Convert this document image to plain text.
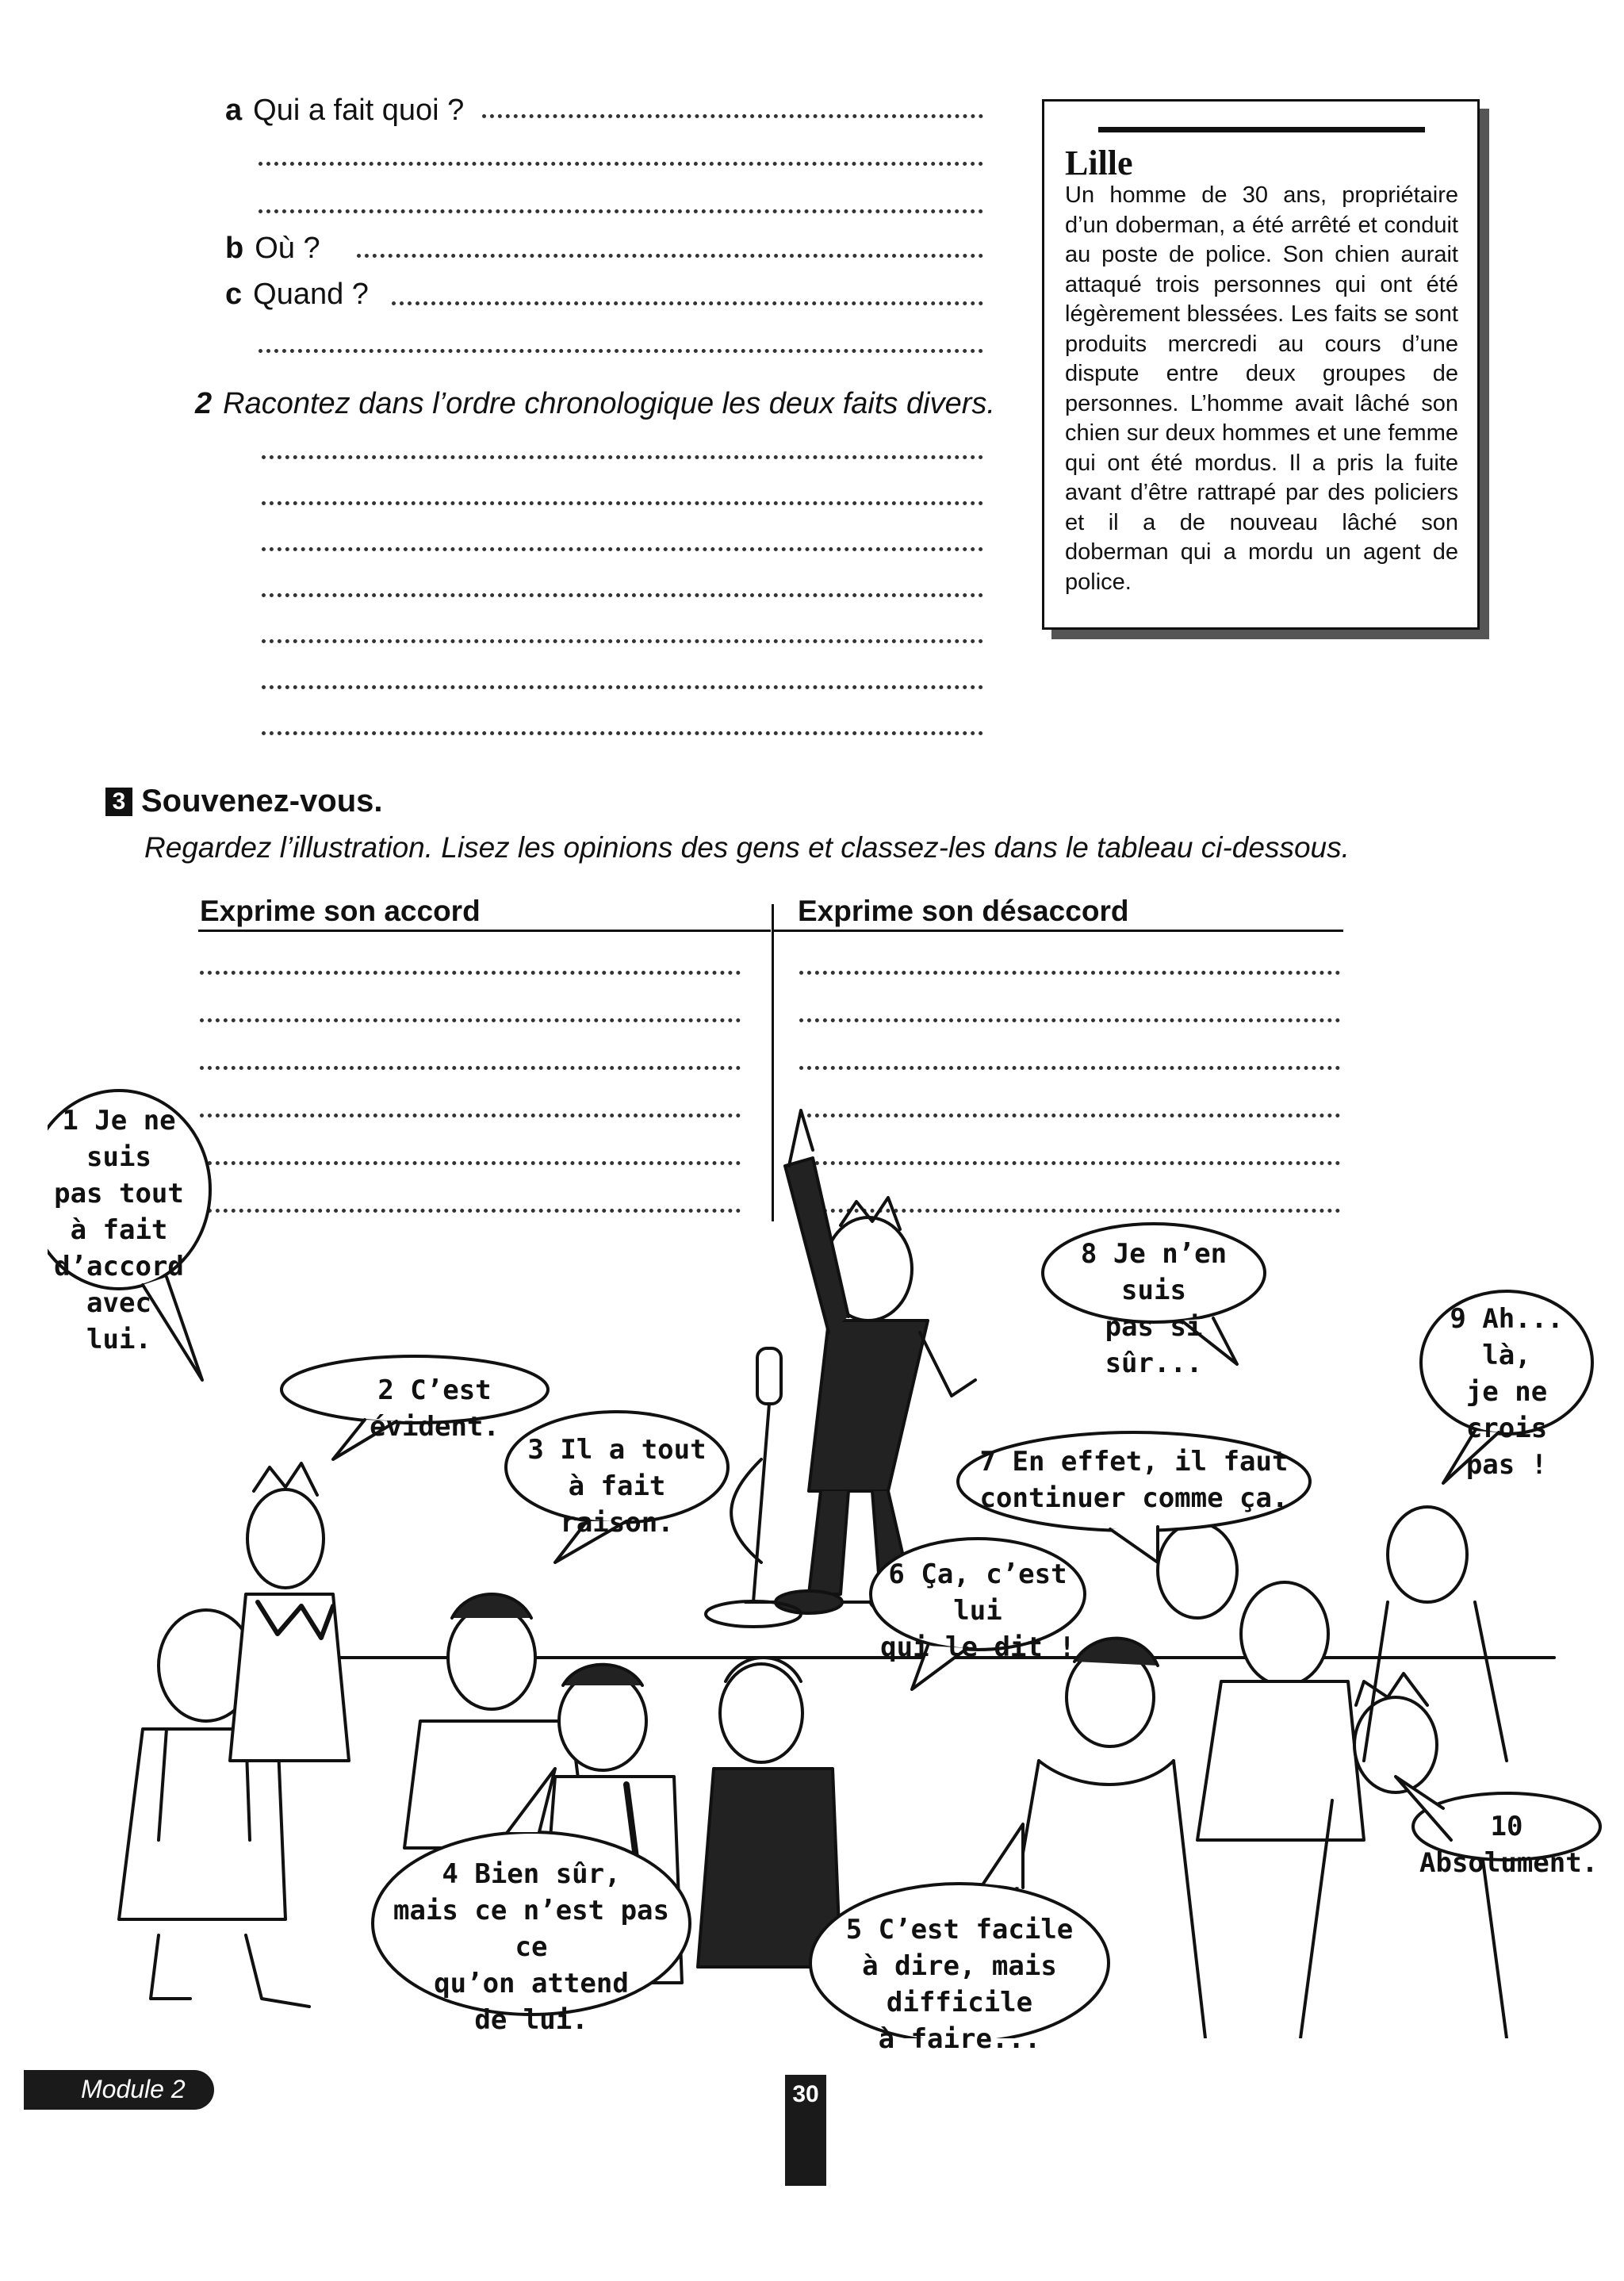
a Qui a fait quoi ?
b Où ?
c Quand ?
2 Racontez dans l’ordre chronologique les deux faits divers.
Lille
Un homme de 30 ans, propriétaire d’un doberman, a été arrêté et conduit au poste de police. Son chien aurait attaqué trois personnes qui ont été légèrement blessées. Les faits se sont produits mercredi au cours d’une dispute entre deux groupes de personnes. L’homme avait lâché son chien sur deux hommes et une femme qui ont été mordus. Il a pris la fuite avant d’être rattrapé par des policiers et il a de nouveau lâché son doberman qui a mordu un agent de police.
3 Souvenez-vous.
Regardez l’illustration. Lisez les opinions des gens et classez-les dans le tableau ci-dessous.
Exprime son accord	Exprime son désaccord
1 Je ne suis
pas tout à fait
d’accord
avec lui.
2 C’est évident.
3 Il a tout
à fait raison.
4 Bien sûr,
mais ce n’est pas ce
qu’on attend
de lui.
5 C’est facile
à dire, mais difficile
à faire...
6 Ça, c’est lui
qui le dit !
7 En effet, il faut
continuer comme ça.
8 Je n’en suis
pas si sûr...
9 Ah... là,
je ne crois
pas !
10 Absolument.
Module 2	30
